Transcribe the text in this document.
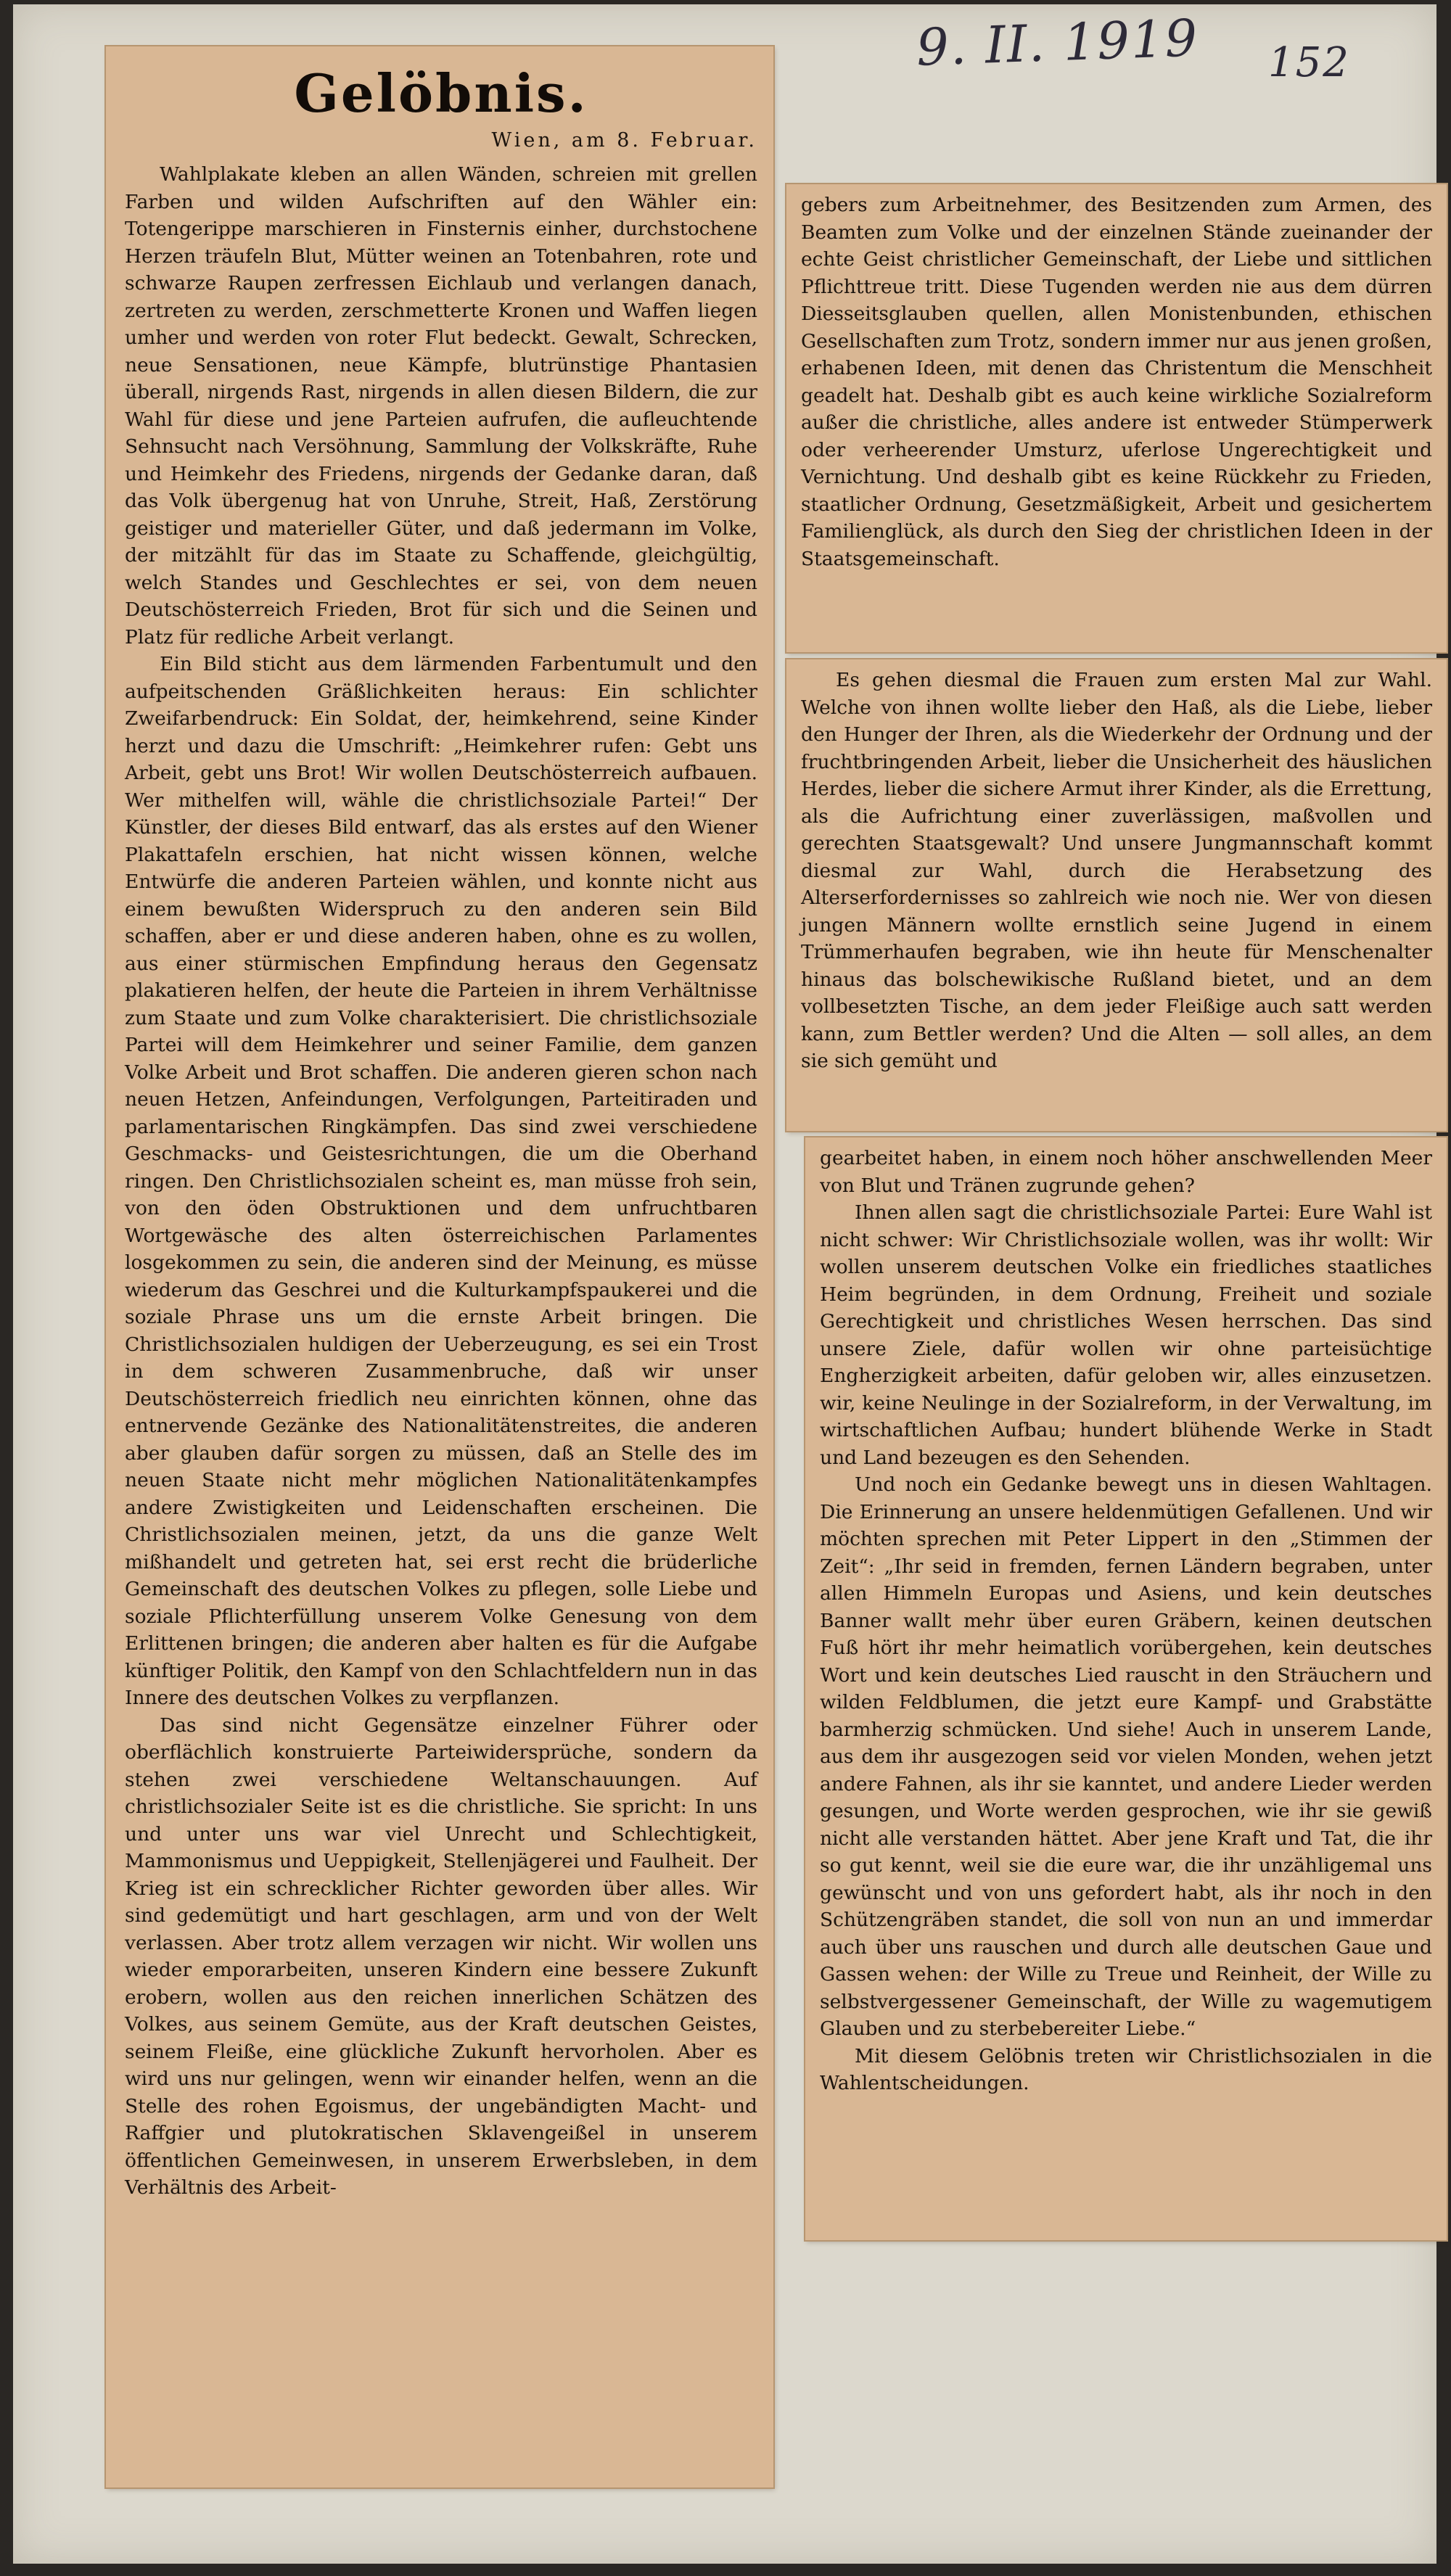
9. II. 1919 152
Gelöbnis.
Wien, am 8. Februar.

Wahlplakate kleben an allen Wänden, schreien mit grellen Farben und wilden Aufschriften auf den Wähler ein: Totengerippe marschieren in Finsternis einher, durchstochene Herzen träufeln Blut, Mütter weinen an Totenbahren, rote und schwarze Raupen zerfressen Eichlaub und verlangen danach, zertreten zu werden, zerschmetterte Kronen und Waffen liegen umher und werden von roter Flut bedeckt. Gewalt, Schrecken, neue Sensationen, neue Kämpfe, blutrünstige Phantasien überall, nirgends Rast, nirgends in allen diesen Bildern, die zur Wahl für diese und jene Parteien aufrufen, die aufleuchtende Sehnsucht nach Versöhnung, Sammlung der Volkskräfte, Ruhe und Heimkehr des Friedens, nirgends der Gedanke daran, daß das Volk übergenug hat von Unruhe, Streit, Haß, Zerstörung geistiger und materieller Güter, und daß jedermann im Volke, der mitzählt für das im Staate zu Schaffende, gleichgültig, welch Standes und Geschlechtes er sei, von dem neuen Deutschösterreich Frieden, Brot für sich und die Seinen und Platz für redliche Arbeit verlangt.

Ein Bild sticht aus dem lärmenden Farbentumult und den aufpeitschenden Gräßlichkeiten heraus: Ein schlichter Zweifarbendruck: Ein Soldat, der, heimkehrend, seine Kinder herzt und dazu die Umschrift: „Heimkehrer rufen: Gebt uns Arbeit, gebt uns Brot! Wir wollen Deutschösterreich aufbauen. Wer mithelfen will, wähle die christlichsoziale Partei!“ Der Künstler, der dieses Bild entwarf, das als erstes auf den Wiener Plakattafeln erschien, hat nicht wissen können, welche Entwürfe die anderen Parteien wählen, und konnte nicht aus einem bewußten Widerspruch zu den anderen sein Bild schaffen, aber er und diese anderen haben, ohne es zu wollen, aus einer stürmischen Empfindung heraus den Gegensatz plakatieren helfen, der heute die Parteien in ihrem Verhältnisse zum Staate und zum Volke charakterisiert. Die christlichsoziale Partei will dem Heimkehrer und seiner Familie, dem ganzen Volke Arbeit und Brot schaffen. Die anderen gieren schon nach neuen Hetzen, Anfeindungen, Verfolgungen, Parteitiraden und parlamentarischen Ringkämpfen. Das sind zwei verschiedene Geschmacks- und Geistesrichtungen, die um die Oberhand ringen. Den Christlichsozialen scheint es, man müsse froh sein, von den öden Obstruktionen und dem unfruchtbaren Wortgewäsche des alten österreichischen Parlamentes losgekommen zu sein, die anderen sind der Meinung, es müsse wiederum das Geschrei und die Kulturkampfspaukerei und die soziale Phrase uns um die ernste Arbeit bringen. Die Christlichsozialen huldigen der Ueberzeugung, es sei ein Trost in dem schweren Zusammenbruche, daß wir unser Deutschösterreich friedlich neu einrichten können, ohne das entnervende Gezänke des Nationalitätenstreites, die anderen aber glauben dafür sorgen zu müssen, daß an Stelle des im neuen Staate nicht mehr möglichen Nationalitätenkampfes andere Zwistigkeiten und Leidenschaften erscheinen. Die Christlichsozialen meinen, jetzt, da uns die ganze Welt mißhandelt und getreten hat, sei erst recht die brüderliche Gemeinschaft des deutschen Volkes zu pflegen, solle Liebe und soziale Pflichterfüllung unserem Volke Genesung von dem Erlittenen bringen; die anderen aber halten es für die Aufgabe künftiger Politik, den Kampf von den Schlachtfeldern nun in das Innere des deutschen Volkes zu verpflanzen.

Das sind nicht Gegensätze einzelner Führer oder oberflächlich konstruierte Parteiwidersprüche, sondern da stehen zwei verschiedene Weltanschauungen. Auf christlichsozialer Seite ist es die christliche. Sie spricht: In uns und unter uns war viel Unrecht und Schlechtigkeit, Mammonismus und Ueppigkeit, Stellenjägerei und Faulheit. Der Krieg ist ein schrecklicher Richter geworden über alles. Wir sind gedemütigt und hart geschlagen, arm und von der Welt verlassen. Aber trotz allem verzagen wir nicht. Wir wollen uns wieder emporarbeiten, unseren Kindern eine bessere Zukunft erobern, wollen aus den reichen innerlichen Schätzen des Volkes, aus seinem Gemüte, aus der Kraft deutschen Geistes, seinem Fleiße, eine glückliche Zukunft hervorholen. Aber es wird uns nur gelingen, wenn wir einander helfen, wenn an die Stelle des rohen Egoismus, der ungebändigten Macht- und Raffgier und plutokratischen Sklavengeißel in unserem öffentlichen Gemeinwesen, in unserem Erwerbsleben, in dem Verhältnis des Arbeit-

gebers zum Arbeitnehmer, des Besitzenden zum Armen, des Beamten zum Volke und der einzelnen Stände zueinander der echte Geist christlicher Gemeinschaft, der Liebe und sittlichen Pflichttreue tritt. Diese Tugenden werden nie aus dem dürren Diesseitsglauben quellen, allen Monistenbunden, ethischen Gesellschaften zum Trotz, sondern immer nur aus jenen großen, erhabenen Ideen, mit denen das Christentum die Menschheit geadelt hat. Deshalb gibt es auch keine wirkliche Sozialreform außer die christliche, alles andere ist entweder Stümperwerk oder verheerender Umsturz, uferlose Ungerechtigkeit und Vernichtung. Und deshalb gibt es keine Rückkehr zu Frieden, staatlicher Ordnung, Gesetzmäßigkeit, Arbeit und gesichertem Familienglück, als durch den Sieg der christlichen Ideen in der Staatsgemeinschaft.

Es gehen diesmal die Frauen zum ersten Mal zur Wahl. Welche von ihnen wollte lieber den Haß, als die Liebe, lieber den Hunger der Ihren, als die Wiederkehr der Ordnung und der fruchtbringenden Arbeit, lieber die Unsicherheit des häuslichen Herdes, lieber die sichere Armut ihrer Kinder, als die Errettung, als die Aufrichtung einer zuverlässigen, maßvollen und gerechten Staatsgewalt? Und unsere Jungmannschaft kommt diesmal zur Wahl, durch die Herabsetzung des Alterserfordernisses so zahlreich wie noch nie. Wer von diesen jungen Männern wollte ernstlich seine Jugend in einem Trümmerhaufen begraben, wie ihn heute für Menschenalter hinaus das bolschewikische Rußland bietet, und an dem vollbesetzten Tische, an dem jeder Fleißige auch satt werden kann, zum Bettler werden? Und die Alten — soll alles, an dem sie sich gemüht und

gearbeitet haben, in einem noch höher anschwellenden Meer von Blut und Tränen zugrunde gehen?

Ihnen allen sagt die christlichsoziale Partei: Eure Wahl ist nicht schwer: Wir Christlichsoziale wollen, was ihr wollt: Wir wollen unserem deutschen Volke ein friedliches staatliches Heim begründen, in dem Ordnung, Freiheit und soziale Gerechtigkeit und christliches Wesen herrschen. Das sind unsere Ziele, dafür wollen wir ohne parteisüchtige Engherzigkeit arbeiten, dafür geloben wir, alles einzusetzen. wir, keine Neulinge in der Sozialreform, in der Verwaltung, im wirtschaftlichen Aufbau; hundert blühende Werke in Stadt und Land bezeugen es den Sehenden.

Und noch ein Gedanke bewegt uns in diesen Wahltagen. Die Erinnerung an unsere heldenmütigen Gefallenen. Und wir möchten sprechen mit Peter Lippert in den „Stimmen der Zeit“: „Ihr seid in fremden, fernen Ländern begraben, unter allen Himmeln Europas und Asiens, und kein deutsches Banner wallt mehr über euren Gräbern, keinen deutschen Fuß hört ihr mehr heimatlich vorübergehen, kein deutsches Wort und kein deutsches Lied rauscht in den Sträuchern und wilden Feldblumen, die jetzt eure Kampf- und Grabstätte barmherzig schmücken. Und siehe! Auch in unserem Lande, aus dem ihr ausgezogen seid vor vielen Monden, wehen jetzt andere Fahnen, als ihr sie kanntet, und andere Lieder werden gesungen, und Worte werden gesprochen, wie ihr sie gewiß nicht alle verstanden hättet. Aber jene Kraft und Tat, die ihr so gut kennt, weil sie die eure war, die ihr unzähligemal uns gewünscht und von uns gefordert habt, als ihr noch in den Schützengräben standet, die soll von nun an und immerdar auch über uns rauschen und durch alle deutschen Gaue und Gassen wehen: der Wille zu Treue und Reinheit, der Wille zu selbstvergessener Gemeinschaft, der Wille zu wagemutigem Glauben und zu sterbebereiter Liebe.“

Mit diesem Gelöbnis treten wir Christlichsozialen in die Wahlentscheidungen.
